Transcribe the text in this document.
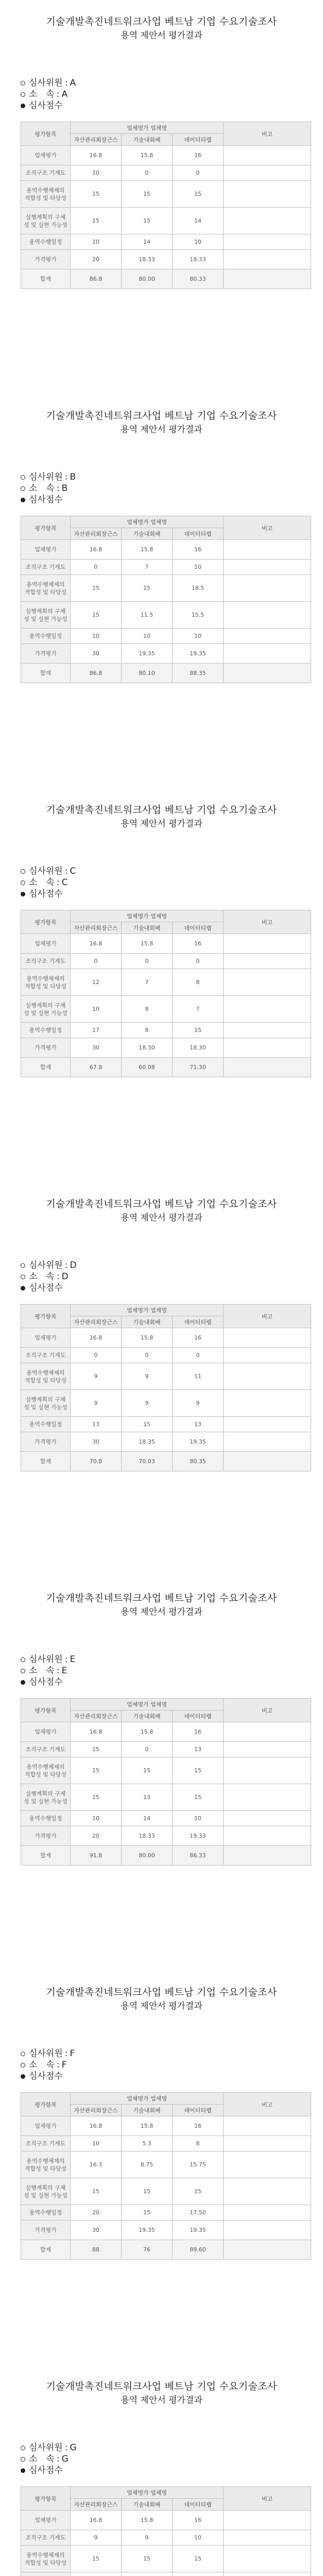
기술개발촉진네트워크사업 베트남 기업 수요기술조사
용역 제안서 평가결과
심사위원 : A
소　속 : A
심사점수
평가항목	업체명가 업체명			비고
	자산관리회장근스	기술내회배	데이터티랩	
업체평가	16.8	15.8	16	
조직구조 기계도	10	0	0	
용역수행체제의 적합성 및 타당성	15	15	15	
실행계획의 구체성 및 실현 가능성	15	15	14	
용역수행일정	10	14	10	
가격평가	20	18.33	19.33	
합계	86.8	80.00	80.33	
기술개발촉진네트워크사업 베트남 기업 수요기술조사
용역 제안서 평가결과
심사위원 : B
소　속 : B
심사점수
평가항목	업체명가 업체명			비고
	자산관리회장근스	기술내회배	데이터티랩	
업체평가	16.8	15.8	16	
조직구조 기계도	0	7	10	
용역수행체제의 적합성 및 타당성	15	15	18.5	
실행계획의 구체성 및 실현 가능성	15	11.5	15.5	
용역수행일정	10	10	10	
가격평가	30	19.35	19.35	
합계	86.8	80.10	88.35	
기술개발촉진네트워크사업 베트남 기업 수요기술조사
용역 제안서 평가결과
심사위원 : C
소　속 : C
심사점수
평가항목	업체명가 업체명			비고
	자산관리회장근스	기술내회배	데이터티랩	
업체평가	16.8	15.8	16	
조직구조 기계도	0	0	0	
용역수행체제의 적합성 및 타당성	12	7	8	
실행계획의 구체성 및 실현 가능성	10	8	7	
용역수행일정	17	8	15	
가격평가	30	18.30	18.30	
합계	67.8	60.08	71.30	
기술개발촉진네트워크사업 베트남 기업 수요기술조사
용역 제안서 평가결과
심사위원 : D
소　속 : D
심사점수
평가항목	업체명가 업체명			비고
	자산관리회장근스	기술내회배	데이터티랩	
업체평가	16.8	15.8	16	
조직구조 기계도	0	0	0	
용역수행체제의 적합성 및 타당성	9	9	11	
실행계획의 구체성 및 실현 가능성	9	9	9	
용역수행일정	13	15	13	
가격평가	30	18.35	19.35	
합계	70.8	70.03	80.35	
기술개발촉진네트워크사업 베트남 기업 수요기술조사
용역 제안서 평가결과
심사위원 : E
소　속 : E
심사점수
평가항목	업체명가 업체명			비고
	자산관리회장근스	기술내회배	데이터티랩	
업체평가	16.8	15.8	16	
조직구조 기계도	15	0	13	
용역수행체제의 적합성 및 타당성	15	15	15	
실행계획의 구체성 및 실현 가능성	15	13	15	
용역수행일정	10	14	10	
가격평가	20	18.33	19.33	
합계	91.8	80.00	86.33	
기술개발촉진네트워크사업 베트남 기업 수요기술조사
용역 제안서 평가결과
심사위원 : F
소　속 : F
심사점수
평가항목	업체명가 업체명			비고
	자산관리회장근스	기술내회배	데이터티랩	
업체평가	16.8	15.8	16	
조직구조 기계도	10	5.3	8	
용역수행체제의 적합성 및 타당성	16.3	8.75	15.75	
실행계획의 구체성 및 실현 가능성	15	15	15	
용역수행일정	20	15	17.50	
가격평가	30	19.35	19.35	
합계	88	76	89.60	
기술개발촉진네트워크사업 베트남 기업 수요기술조사
용역 제안서 평가결과
심사위원 : G
소　속 : G
심사점수
평가항목	업체명가 업체명			비고
	자산관리회장근스	기술내회배	데이터티랩	
업체평가	16.8	15.8	16	
조직구조 기계도	9	9	10	
용역수행체제의 적합성 및 타당성	15	15	15	
